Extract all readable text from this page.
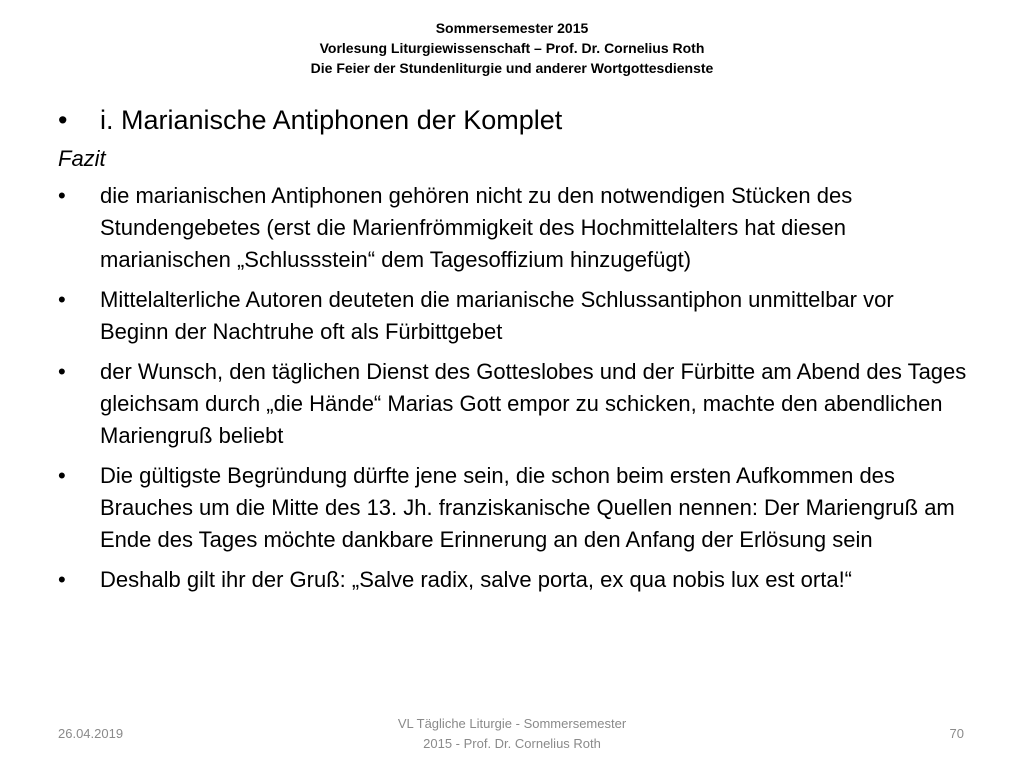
Sommersemester 2015
Vorlesung Liturgiewissenschaft – Prof. Dr. Cornelius Roth
Die Feier der Stundenliturgie und anderer Wortgottesdienste
•	i. Marianische Antiphonen der Komplet
Fazit
•	die marianischen Antiphonen gehören nicht zu den notwendigen Stücken des Stundengebetes (erst die Marienfrömmigkeit des Hochmittelalters hat diesen marianischen „Schlussstein“ dem Tagesoffizium hinzugefügt)
•	Mittelalterliche Autoren deuteten die marianische Schlussantiphon unmittelbar vor Beginn der Nachtruhe oft als Fürbittgebet
•	der Wunsch, den täglichen Dienst des Gotteslobes und der Fürbitte am Abend des Tages gleichsam durch „die Hände“ Marias Gott empor zu schicken, machte den abendlichen Mariengruß beliebt
•	Die gültigste Begründung dürfte jene sein, die schon beim ersten Aufkommen des Brauches um die Mitte des 13. Jh. franziskanische Quellen nennen: Der Mariengruß am Ende des Tages möchte dankbare Erinnerung an den Anfang der Erlösung sein
•	Deshalb gilt ihr der Gruß: „Salve radix, salve porta, ex qua nobis lux est orta!“
26.04.2019
VL Tägliche Liturgie - Sommersemester
2015 - Prof. Dr. Cornelius Roth
70
